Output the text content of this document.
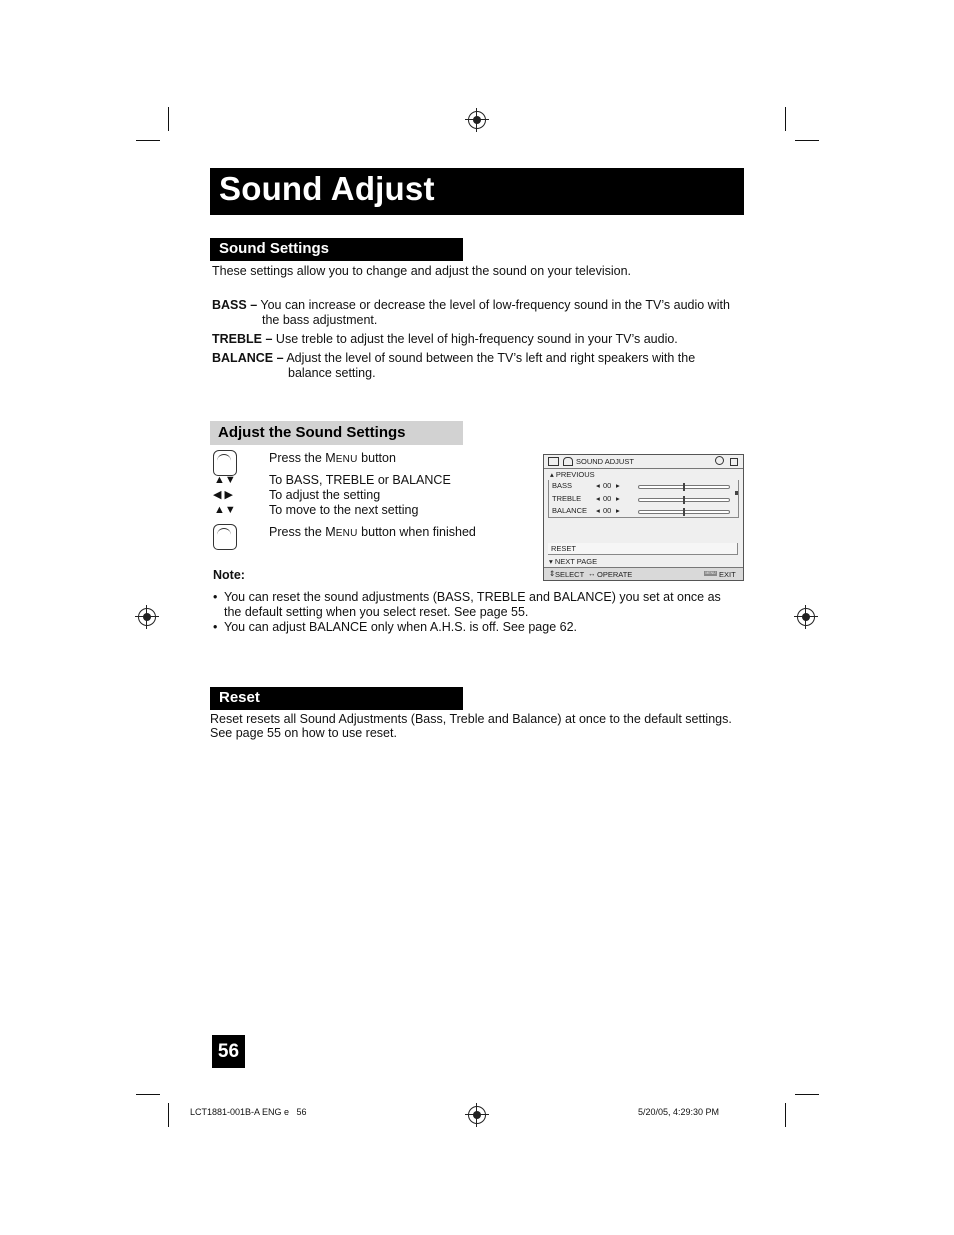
Sound Adjust
Sound Settings
These settings allow you to change and adjust the sound on your television.
BASS – You can increase or decrease the level of low-frequency sound in the TV’s audio with
the bass adjustment.
TREBLE – Use treble to adjust the level of high-frequency sound in your TV’s audio.
BALANCE – Adjust the level of sound between the TV’s left and right speakers with the
balance setting.
Adjust the Sound Settings
Press the MENU button
▲▼	To BASS, TREBLE or BALANCE
◀ ▶	To adjust the setting
▲▼	To move to the next setting
Press the MENU button when finished
SOUND ADJUST
▴ PREVIOUS
BASS	◂ 00 ▸
TREBLE ◂ 00 ▸
BALANCE ◂ 00 ▸
RESET
▾ NEXT PAGE
⇕ SELECT ↔ OPERATE	MENU EXIT
Note:
• You can reset the sound adjustments (BASS, TREBLE and BALANCE) you set at once as
the default setting when you select reset. See page 55.
• You can adjust BALANCE only when A.H.S. is off. See page 62.
Reset
Reset resets all Sound Adjustments (Bass, Treble and Balance) at once to the default settings.
See page 55 on how to use reset.
56
LCT1881-001B-A ENG e   56	5/20/05, 4:29:30 PM
